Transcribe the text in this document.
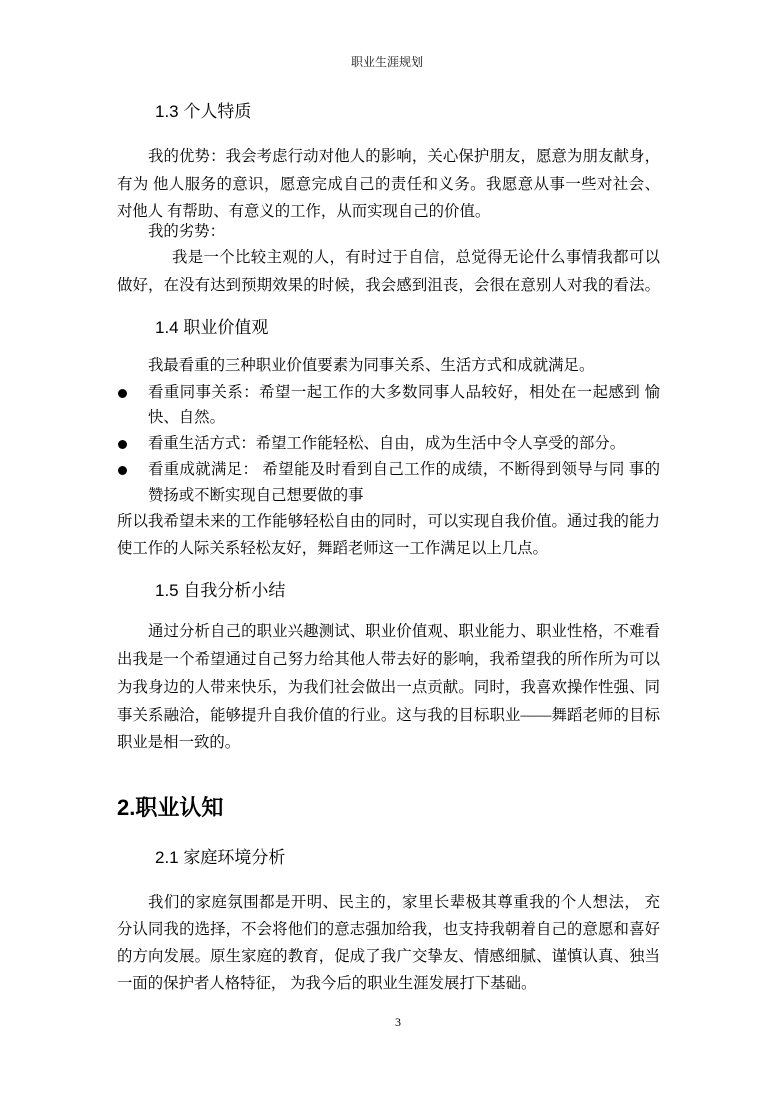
职业生涯规划
1.3 个人特质
我的优势：我会考虑行动对他人的影响，关心保护朋友，愿意为朋友献身，
有为 他人服务的意识，愿意完成自己的责任和义务。我愿意从事一些对社会、
对他人 有帮助、有意义的工作，从而实现自己的价值。
我的劣势：
我是一个比较主观的人，有时过于自信，总觉得无论什么事情我都可以
做好，在没有达到预期效果的时候，我会感到沮丧，会很在意别人对我的看法。
1.4 职业价值观
我最看重的三种职业价值要素为同事关系、生活方式和成就满足。
看重同事关系：希望一起工作的大多数同事人品较好，相处在一起感到 愉
快、自然。
看重生活方式：希望工作能轻松、自由，成为生活中令人享受的部分。
看重成就满足： 希望能及时看到自己工作的成绩，不断得到领导与同 事的
赞扬或不断实现自己想要做的事
所以我希望未来的工作能够轻松自由的同时，可以实现自我价值。通过我的能力
使工作的人际关系轻松友好，舞蹈老师这一工作满足以上几点。
1.5 自我分析小结
通过分析自己的职业兴趣测试、职业价值观、职业能力、职业性格，不难看
出我是一个希望通过自己努力给其他人带去好的影响，我希望我的所作所为可以
为我身边的人带来快乐，为我们社会做出一点贡献。同时，我喜欢操作性强、同
事关系融洽，能够提升自我价值的行业。这与我的目标职业——舞蹈老师的目标
职业是相一致的。
2.职业认知
2.1 家庭环境分析
我们的家庭氛围都是开明、民主的，家里长辈极其尊重我的个人想法， 充
分认同我的选择，不会将他们的意志强加给我，也支持我朝着自己的意愿和喜好
的方向发展。原生家庭的教育，促成了我广交挚友、情感细腻、谨慎认真、独当
一面的保护者人格特征， 为我今后的职业生涯发展打下基础。
3
